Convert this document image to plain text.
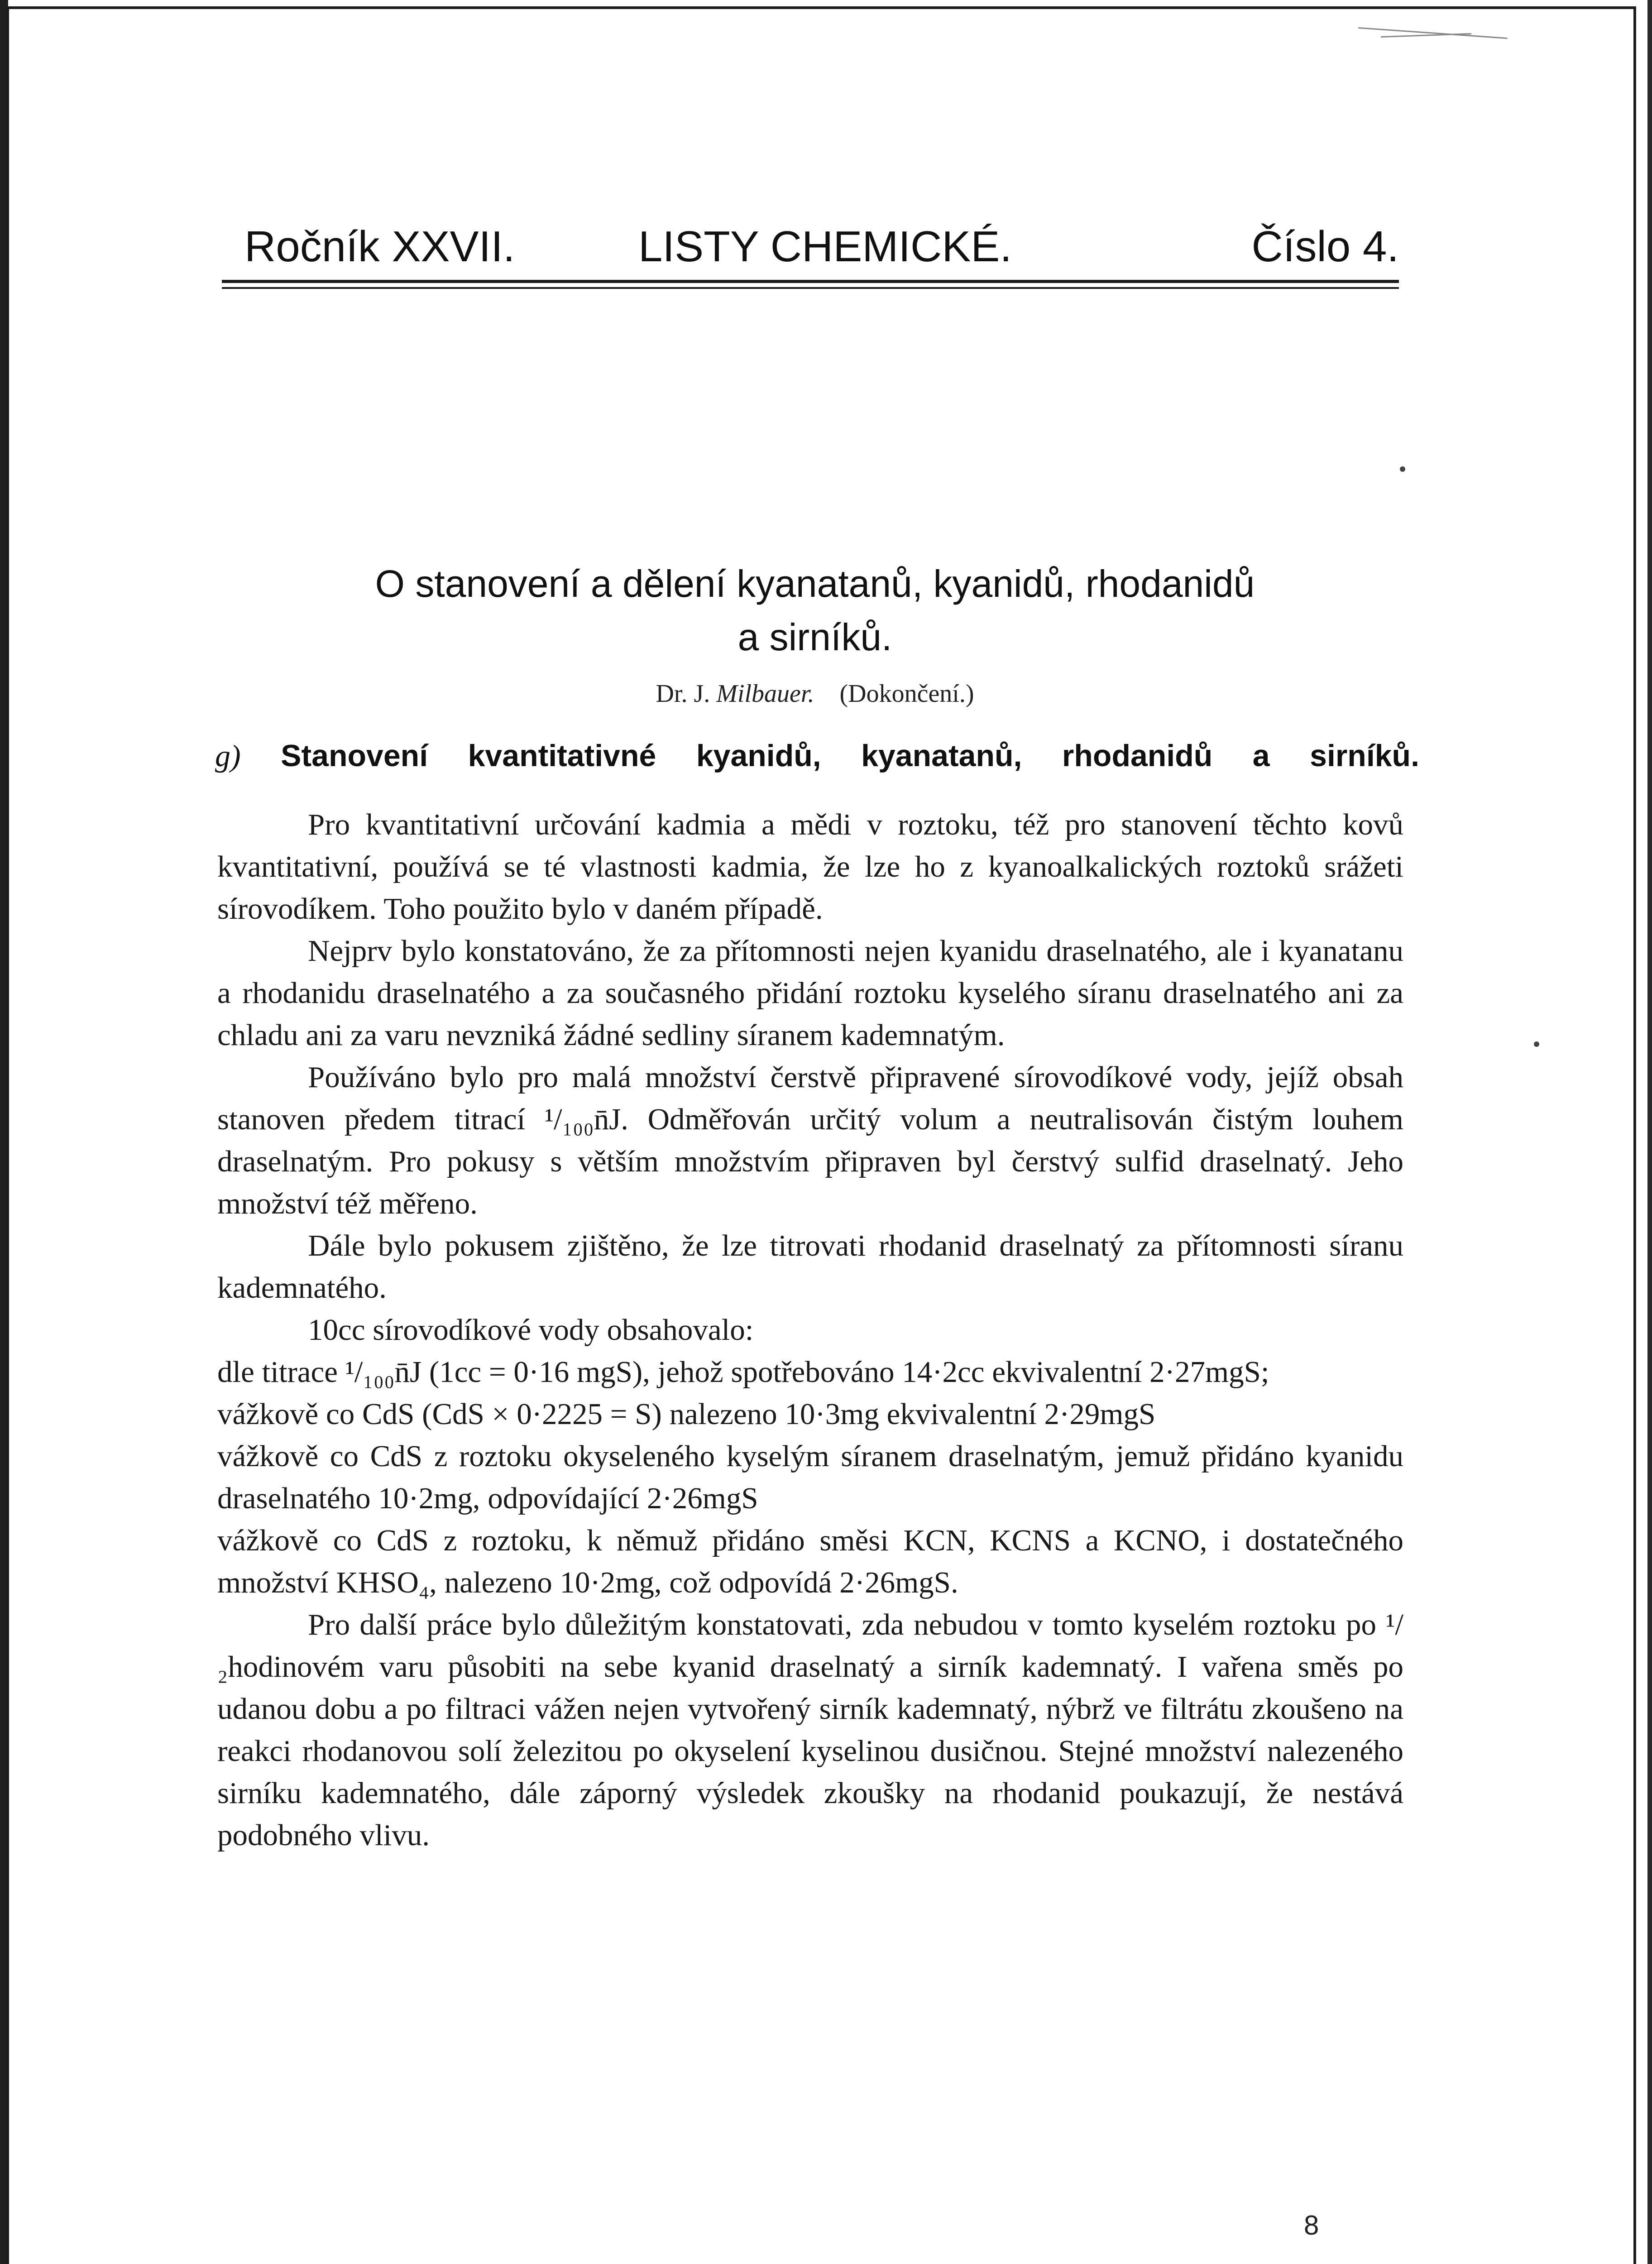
Ročník XXVII.	LISTY CHEMICKÉ.	Číslo 4.
O stanovení a dělení kyanatanů, kyanidů, rhodanidů
a sirníků.
Dr. J. Milbauer. (Dokončení.)
g) Stanovení kvantitativné kyanidů, kyanatanů, rhodanidů a sirníků.

Pro kvantitativní určování kadmia a mědi v roztoku, též pro stanovení těchto kovů kvantitativní, používá se té vlastnosti kadmia, že lze ho z kyanoalkalických roztoků srážeti sírovodíkem. Toho použito bylo v daném případě.

Nejprv bylo konstatováno, že za přítomnosti nejen kyanidu draselnatého, ale i kyanatanu a rhodanidu draselnatého a za současného přidání roztoku kyselého síranu draselnatého ani za chladu ani za varu nevzniká žádné sedliny síranem kademnatým.

Používáno bylo pro malá množství čerstvě připravené sírovodíkové vody, jejíž obsah stanoven předem titrací ¹/₁₀₀n̄J. Odměřován určitý volum a neutralisován čistým louhem draselnatým. Pro pokusy s větším množstvím připraven byl čerstvý sulfid draselnatý. Jeho množství též měřeno.

Dále bylo pokusem zjištěno, že lze titrovati rhodanid draselnatý za přítomnosti síranu kademnatého.

10cc sírovodíkové vody obsahovalo:

dle titrace ¹/₁₀₀n̄J (1cc = 0·16 mgS), jehož spotřebováno 14·2cc ekvivalentní 2·27mgS;

vážkově co CdS (CdS × 0·2225 = S) nalezeno 10·3mg ekvivalentní 2·29mgS

vážkově co CdS z roztoku okyseleného kyselým síranem draselnatým, jemuž přidáno kyanidu draselnatého 10·2mg, odpovídající 2·26mgS

vážkově co CdS z roztoku, k němuž přidáno směsi KCN, KCNS a KCNO, i dostatečného množství KHSO₄, nalezeno 10·2mg, což odpovídá 2·26mgS.

Pro další práce bylo důležitým konstatovati, zda nebudou v tomto kyselém roztoku po ¹/₂hodinovém varu působiti na sebe kyanid draselnatý a sirník kademnatý. I vařena směs po udanou dobu a po filtraci vážen nejen vytvořený sirník kademnatý, nýbrž ve filtrátu zkoušeno na reakci rhodanovou solí železitou po okyselení kyselinou dusičnou. Stejné množství nalezeného sirníku kademnatého, dále záporný výsledek zkoušky na rhodanid poukazují, že nestává podobného vlivu.

8
